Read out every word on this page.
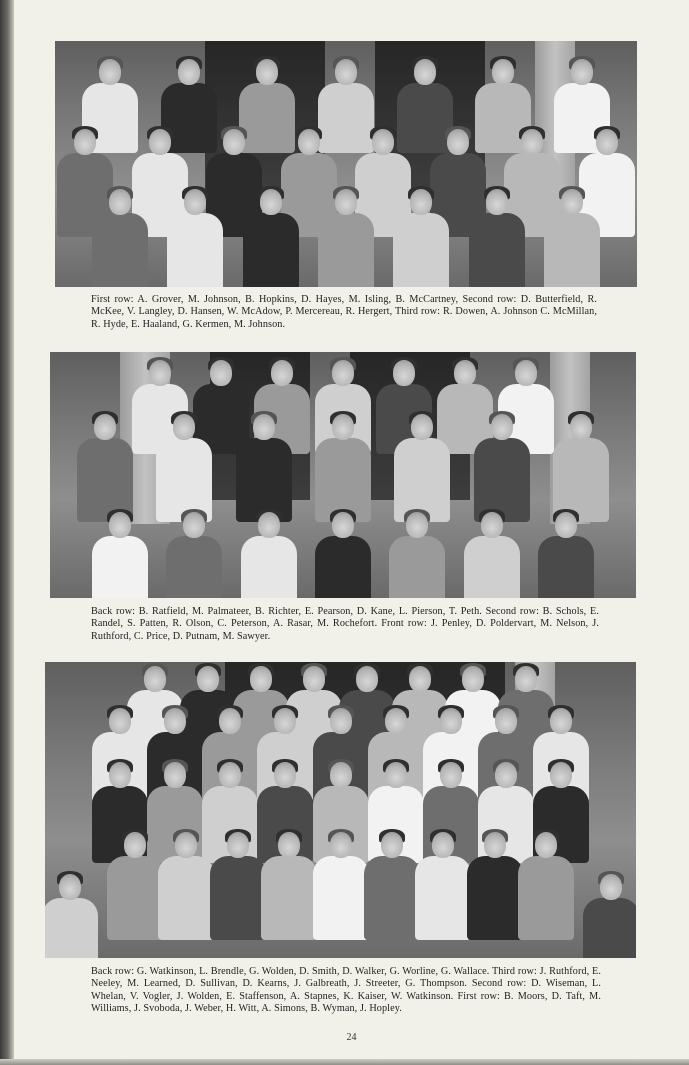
First row: A. Grover, M. Johnson, B. Hopkins, D. Hayes, M. Isling, B. McCartney, Second row: D. Butterfield, R. McKee, V. Langley, D. Hansen, W. McAdow, P. Mercereau, R. Hergert, Third row: R. Dowen, A. Johnson C. McMillan, R. Hyde, E. Haaland, G. Kermen, M. Johnson.

Back row: B. Ratfield, M. Palmateer, B. Richter, E. Pearson, D. Kane, L. Pierson, T. Peth. Second row: B. Schols, E. Randel, S. Patten, R. Olson, C. Peterson, A. Rasar, M. Rochefort. Front row: J. Penley, D. Poldervart, M. Nelson, J. Ruthford, C. Price, D. Putnam, M. Sawyer.

Back row: G. Watkinson, L. Brendle, G. Wolden, D. Smith, D. Walker, G. Worline, G. Wallace. Third row: J. Ruthford, E. Neeley, M. Learned, D. Sullivan, D. Kearns, J. Galbreath, J. Streeter, G. Thompson. Second row: D. Wiseman, L. Whelan, V. Vogler, J. Wolden, E. Staffenson, A. Stapnes, K. Kaiser, W. Watkinson. First row: B. Moors, D. Taft, M. Williams, J. Svoboda, J. Weber, H. Witt, A. Simons, B. Wyman, J. Hopley.

24
